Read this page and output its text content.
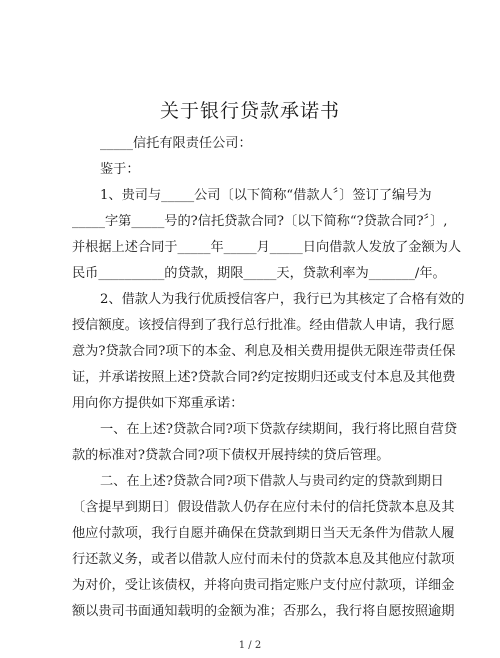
关于银行贷款承诺书
_____信托有限责任公司：
鉴于：
1、贵司与_____公司〔以下简称“借款人〞〕签订了编号为
_____字第_____号的?信托贷款合同?〔以下简称“?贷款合同?〞〕,
并根据上述合同于_____年_____月_____日向借款人发放了金额为人
民币__________的贷款，期限_____天，贷款利率为_______/年。
2、借款人为我行优质授信客户，我行已为其核定了合格有效的
授信额度。该授信得到了我行总行批准。经由借款人申请，我行愿
意为?贷款合同?项下的本金、利息及相关费用提供无限连带责任保
证，并承诺按照上述?贷款合同?约定按期归还或支付本息及其他费
用向你方提供如下郑重承诺：
一、在上述?贷款合同?项下贷款存续期间，我行将比照自营贷
款的标准对?贷款合同?项下债权开展持续的贷后管理。
二、在上述?贷款合同?项下借款人与贵司约定的贷款到期日
〔含提早到期日〕假设借款人仍存在应付未付的信托贷款本息及其
他应付款项，我行自愿并确保在贷款到期日当天无条件为借款人履
行还款义务，或者以借款人应付而未付的贷款本息及其他应付款项
为对价，受让该债权，并将向贵司指定账户支付应付款项，详细金
额以贵司书面通知载明的金额为准；否那么，我行将自愿按照逾期
1 / 2
